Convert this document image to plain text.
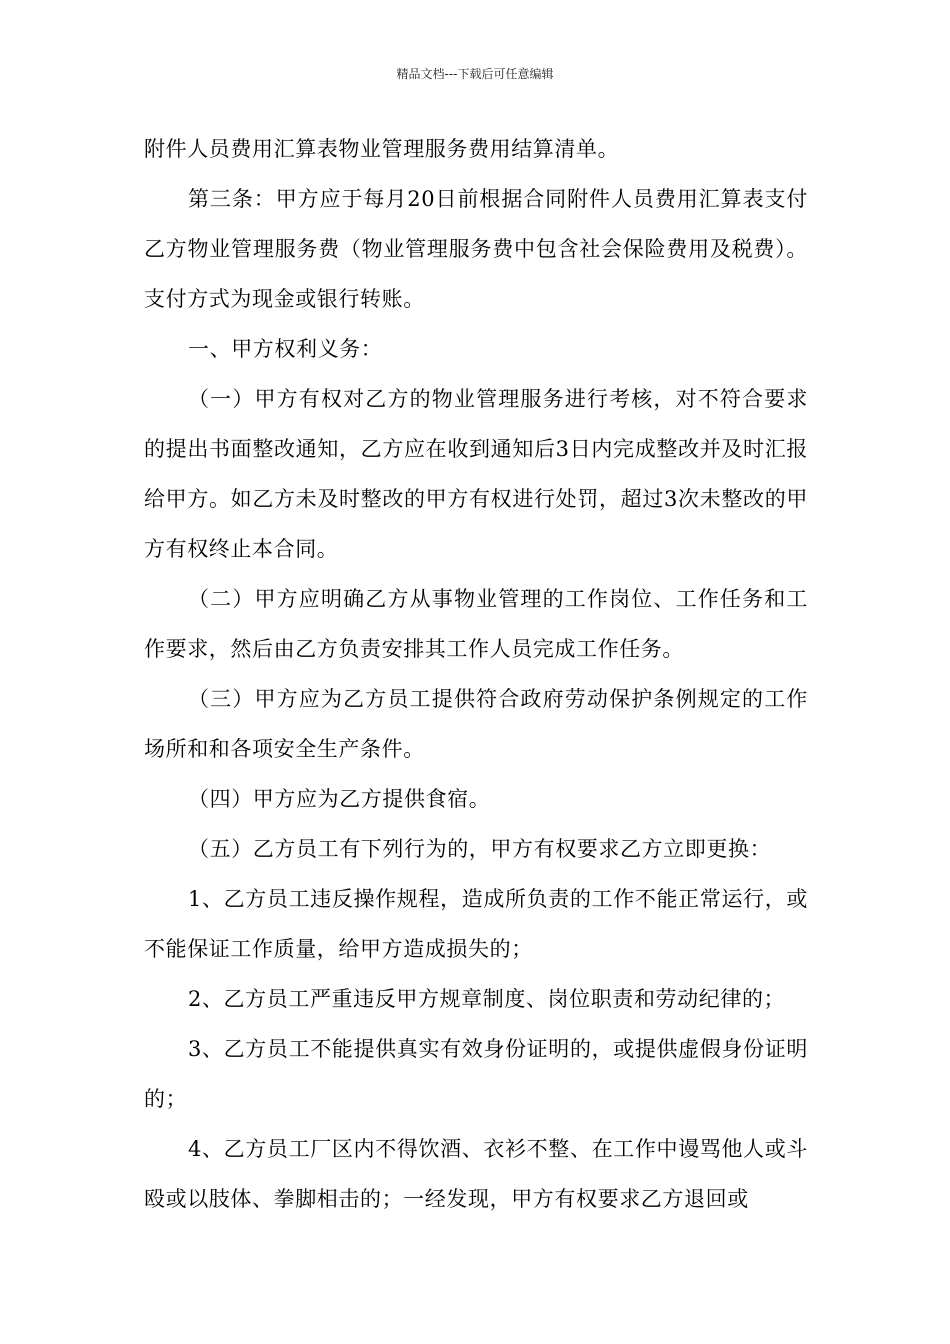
精品文档---下载后可任意编辑

附件人员费用汇算表物业管理服务费用结算清单。

第三条：甲方应于每月20日前根据合同附件人员费用汇算表支付乙方物业管理服务费（物业管理服务费中包含社会保险费用及税费）。支付方式为现金或银行转账。

一、甲方权利义务：

（一）甲方有权对乙方的物业管理服务进行考核，对不符合要求的提出书面整改通知，乙方应在收到通知后3日内完成整改并及时汇报给甲方。如乙方未及时整改的甲方有权进行处罚，超过3次未整改的甲方有权终止本合同。

（二）甲方应明确乙方从事物业管理的工作岗位、工作任务和工作要求，然后由乙方负责安排其工作人员完成工作任务。

（三）甲方应为乙方员工提供符合政府劳动保护条例规定的工作场所和和各项安全生产条件。

（四）甲方应为乙方提供食宿。

（五）乙方员工有下列行为的，甲方有权要求乙方立即更换：

1、乙方员工违反操作规程，造成所负责的工作不能正常运行，或不能保证工作质量，给甲方造成损失的；

2、乙方员工严重违反甲方规章制度、岗位职责和劳动纪律的；

3、乙方员工不能提供真实有效身份证明的，或提供虚假身份证明的；

4、乙方员工厂区内不得饮酒、衣衫不整、在工作中谩骂他人或斗殴或以肢体、拳脚相击的；一经发现，甲方有权要求乙方退回或
